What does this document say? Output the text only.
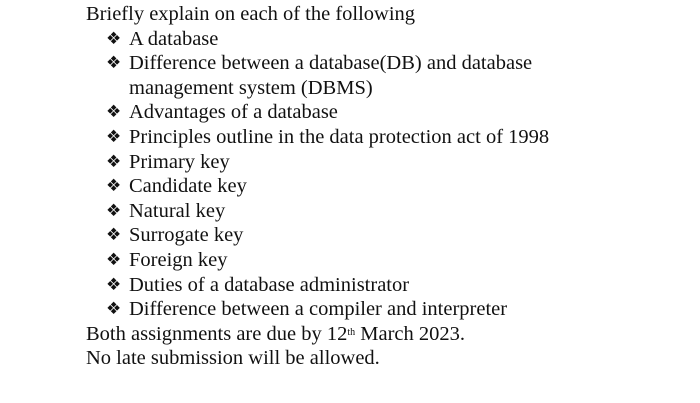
Briefly explain on each of the following
❖ A database
❖ Difference between a database(DB) and database
management system (DBMS)
❖ Advantages of a database
❖ Principles outline in the data protection act of 1998
❖ Primary key
❖ Candidate key
❖ Natural key
❖ Surrogate key
❖ Foreign key
❖ Duties of a database administrator
❖ Difference between a compiler and interpreter
Both assignments are due by 12th March 2023.
No late submission will be allowed.
